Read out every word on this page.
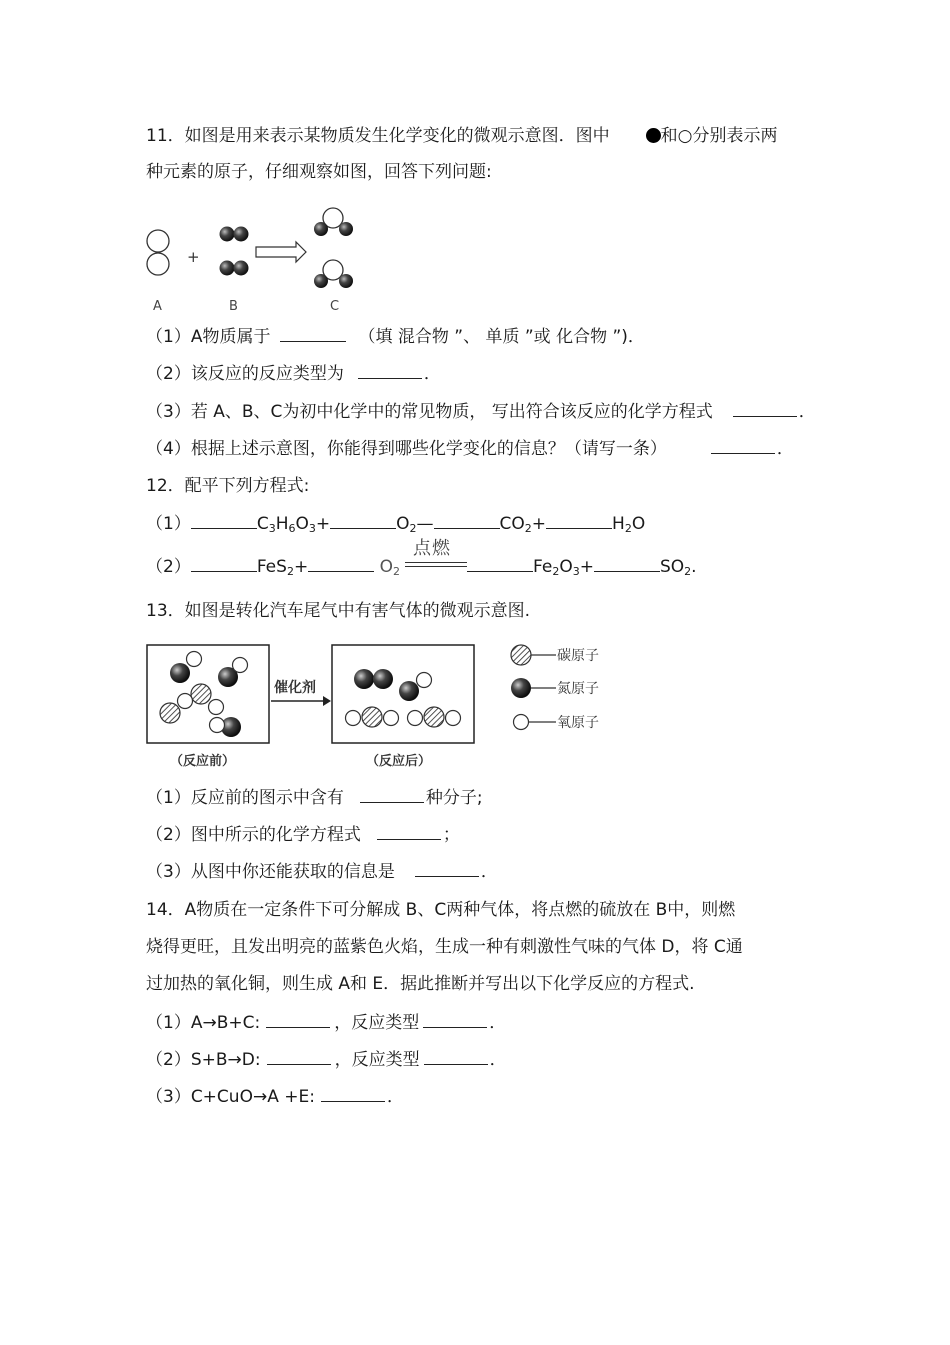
11．如图是用来表示某物质发生化学变化的微观示意图．图中	和○分别表示两
种元素的原子，仔细观察如图，回答下列问题:
+
A	B	C
（1）A物质属于	（填 混合物 ”、 单质 ”或 化合物 ”)．
（2）该反应的反应类型为	．
（3）若 A、B、C为初中化学中的常见物质， 写出符合该反应的化学方程式	．
（4）根据上述示意图，你能得到哪些化学变化的信息？（请写一条）	．
12．配平下列方程式:
（1）	$C_3H_6O_3+$	$O_2—$	$CO_2+$	$H_2O$
（2）	FeS$_2$+	$O_2$
点燃
$Fe_2O_3+$	$SO_2$.
13．如图是转化汽车尾气中有害气体的微观示意图.
催化剂
（反应前）	（反应后）
碳原子
氮原子
氧原子
（1）反应前的图示中含有	种分子;
（2）图中所示的化学方程式	；
（3）从图中你还能获取的信息是	．
14．A物质在一定条件下可分解成 B、C两种气体，将点燃的硫放在 B中，则燃
烧得更旺，且发出明亮的蓝紫色火焰，生成一种有刺激性气味的气体 D，将 C通
过加热的氧化铜，则生成 A和 E．据此推断并写出以下化学反应的方程式.
（1）A→B+C:	，反应类型	．
（2）S+B→D:	，反应类型	．
（3）C+CuO→A +E:	．
